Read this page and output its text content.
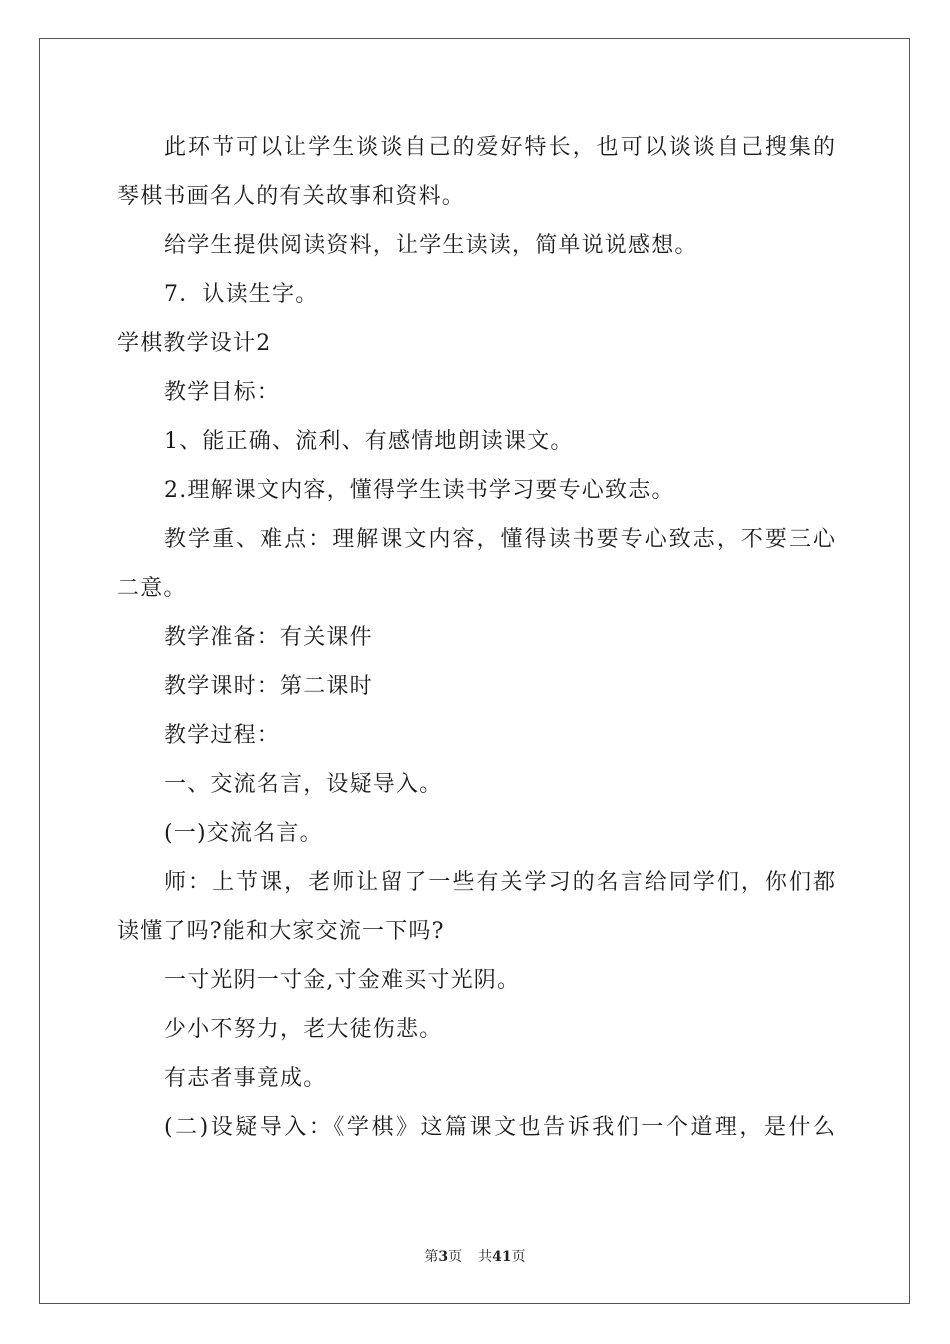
此环节可以让学生谈谈自己的爱好特长，也可以谈谈自己搜集的
琴棋书画名人的有关故事和资料。
给学生提供阅读资料，让学生读读，简单说说感想。
7．认读生字。
学棋教学设计2
教学目标：
1、能正确、流利、有感情地朗读课文。
2.理解课文内容，懂得学生读书学习要专心致志。
教学重、难点：理解课文内容，懂得读书要专心致志，不要三心
二意。
教学准备：有关课件
教学课时：第二课时
教学过程：
一、交流名言，设疑导入。
(一)交流名言。
师：上节课，老师让留了一些有关学习的名言给同学们，你们都
读懂了吗?能和大家交流一下吗?
一寸光阴一寸金,寸金难买寸光阴。
少小不努力，老大徒伤悲。
有志者事竟成。
(二)设疑导入：《学棋》这篇课文也告诉我们一个道理，是什么
第3页 共41页
